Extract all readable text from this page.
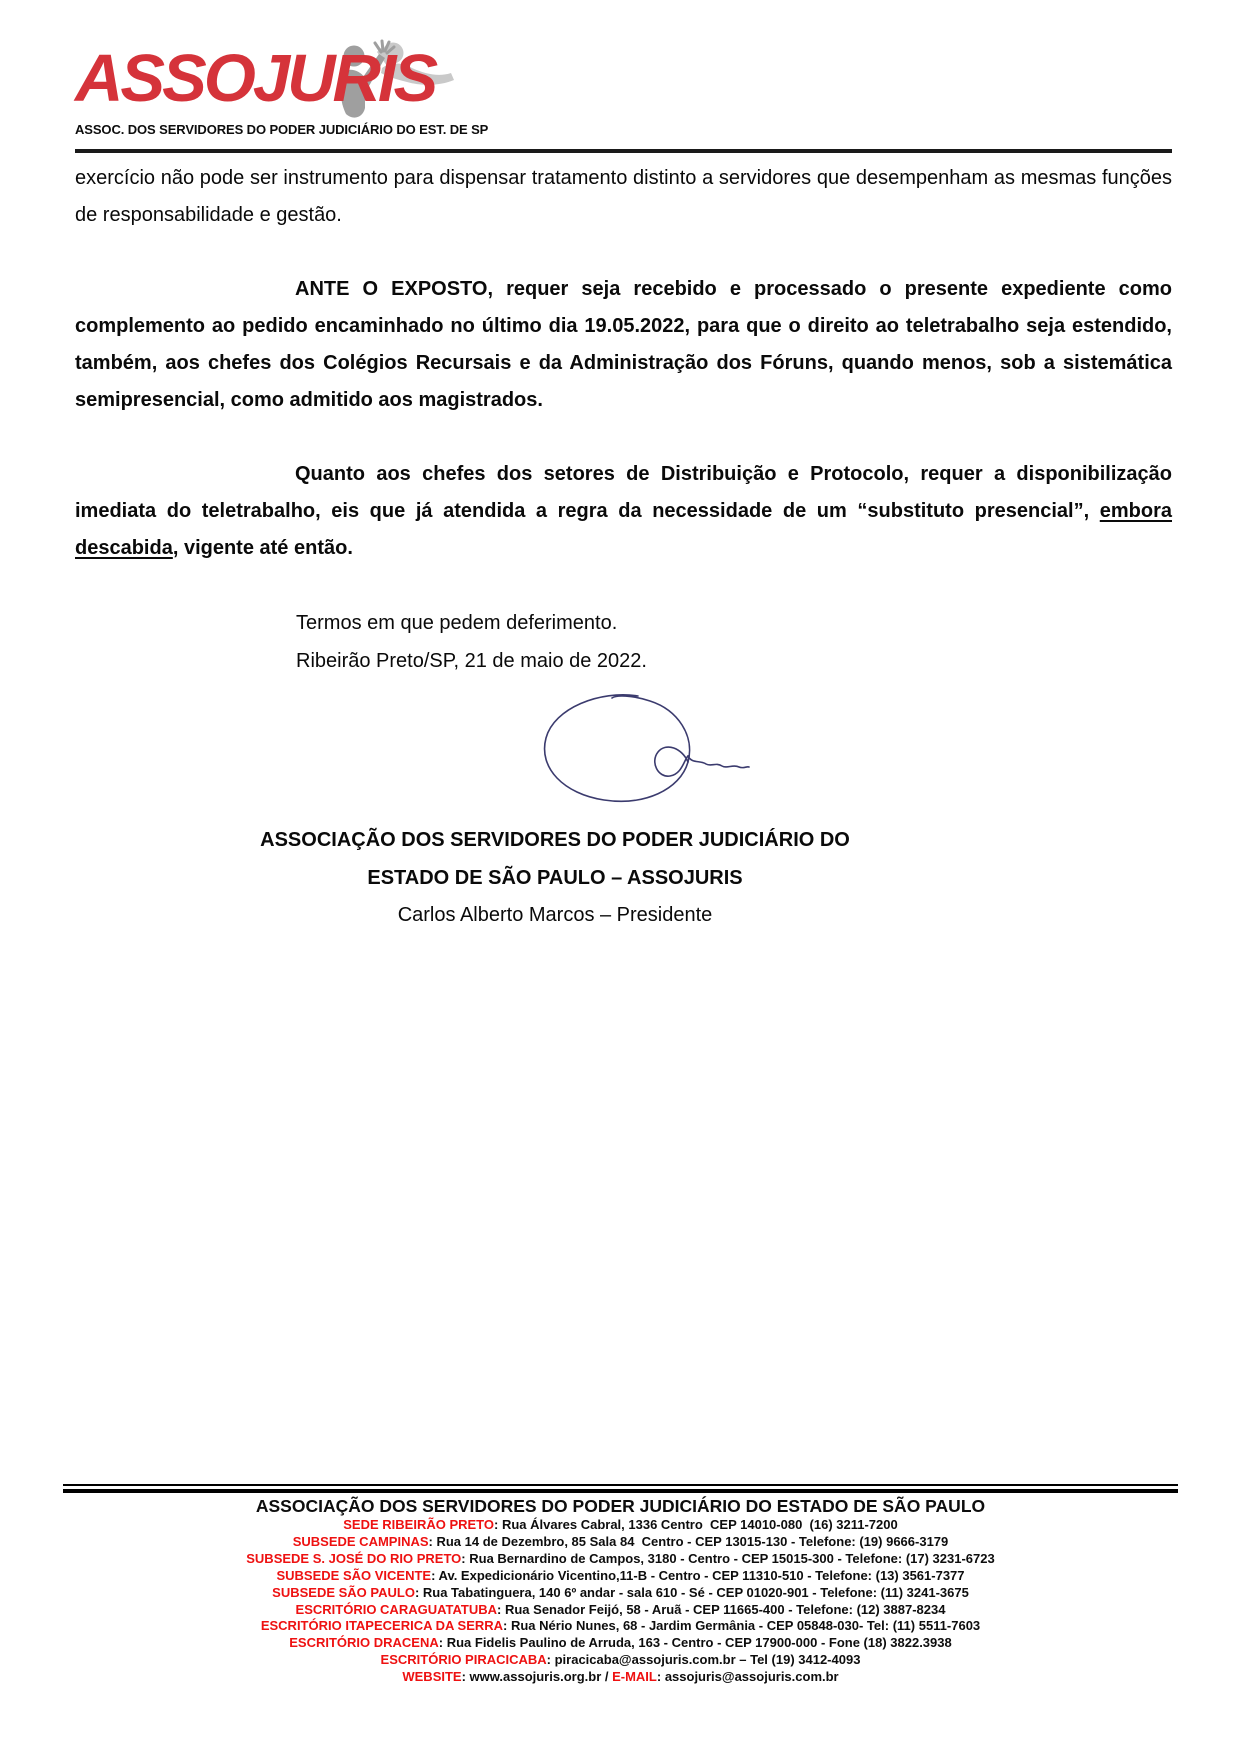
ASSOJURIS
ASSOC. DOS SERVIDORES DO PODER JUDICIÁRIO DO EST. DE SP

exercício não pode ser instrumento para dispensar tratamento distinto a servidores que desempenham as mesmas funções de responsabilidade e gestão.

ANTE O EXPOSTO, requer seja recebido e processado o presente expediente como complemento ao pedido encaminhado no último dia 19.05.2022, para que o direito ao teletrabalho seja estendido, também, aos chefes dos Colégios Recursais e da Administração dos Fóruns, quando menos, sob a sistemática semipresencial, como admitido aos magistrados.

Quanto aos chefes dos setores de Distribuição e Protocolo, requer a disponibilização imediata do teletrabalho, eis que já atendida a regra da necessidade de um “substituto presencial”, embora descabida, vigente até então.

Termos em que pedem deferimento.

Ribeirão Preto/SP, 21 de maio de 2022.

ASSOCIAÇÃO DOS SERVIDORES DO PODER JUDICIÁRIO DO

ESTADO DE SÃO PAULO – ASSOJURIS

Carlos Alberto Marcos – Presidente

ASSOCIAÇÃO DOS SERVIDORES DO PODER JUDICIÁRIO DO ESTADO DE SÃO PAULO
SEDE RIBEIRÃO PRETO: Rua Álvares Cabral, 1336 Centro  CEP 14010-080  (16) 3211-7200
SUBSEDE CAMPINAS: Rua 14 de Dezembro, 85 Sala 84  Centro - CEP 13015-130 - Telefone: (19) 9666-3179
SUBSEDE S. JOSÉ DO RIO PRETO: Rua Bernardino de Campos, 3180 - Centro - CEP 15015-300 - Telefone: (17) 3231-6723
SUBSEDE SÃO VICENTE: Av. Expedicionário Vicentino,11-B - Centro - CEP 11310-510 - Telefone: (13) 3561-7377
SUBSEDE SÃO PAULO: Rua Tabatinguera, 140 6º andar - sala 610 - Sé - CEP 01020-901 - Telefone: (11) 3241-3675
ESCRITÓRIO CARAGUATATUBA: Rua Senador Feijó, 58 - Aruã - CEP 11665-400 - Telefone: (12) 3887-8234
ESCRITÓRIO ITAPECERICA DA SERRA: Rua Nério Nunes, 68 - Jardim Germânia - CEP 05848-030- Tel: (11) 5511-7603
ESCRITÓRIO DRACENA: Rua Fidelis Paulino de Arruda, 163 - Centro - CEP 17900-000 - Fone (18) 3822.3938
ESCRITÓRIO PIRACICABA: piracicaba@assojuris.com.br – Tel (19) 3412-4093
WEBSITE: www.assojuris.org.br / E-MAIL: assojuris@assojuris.com.br
